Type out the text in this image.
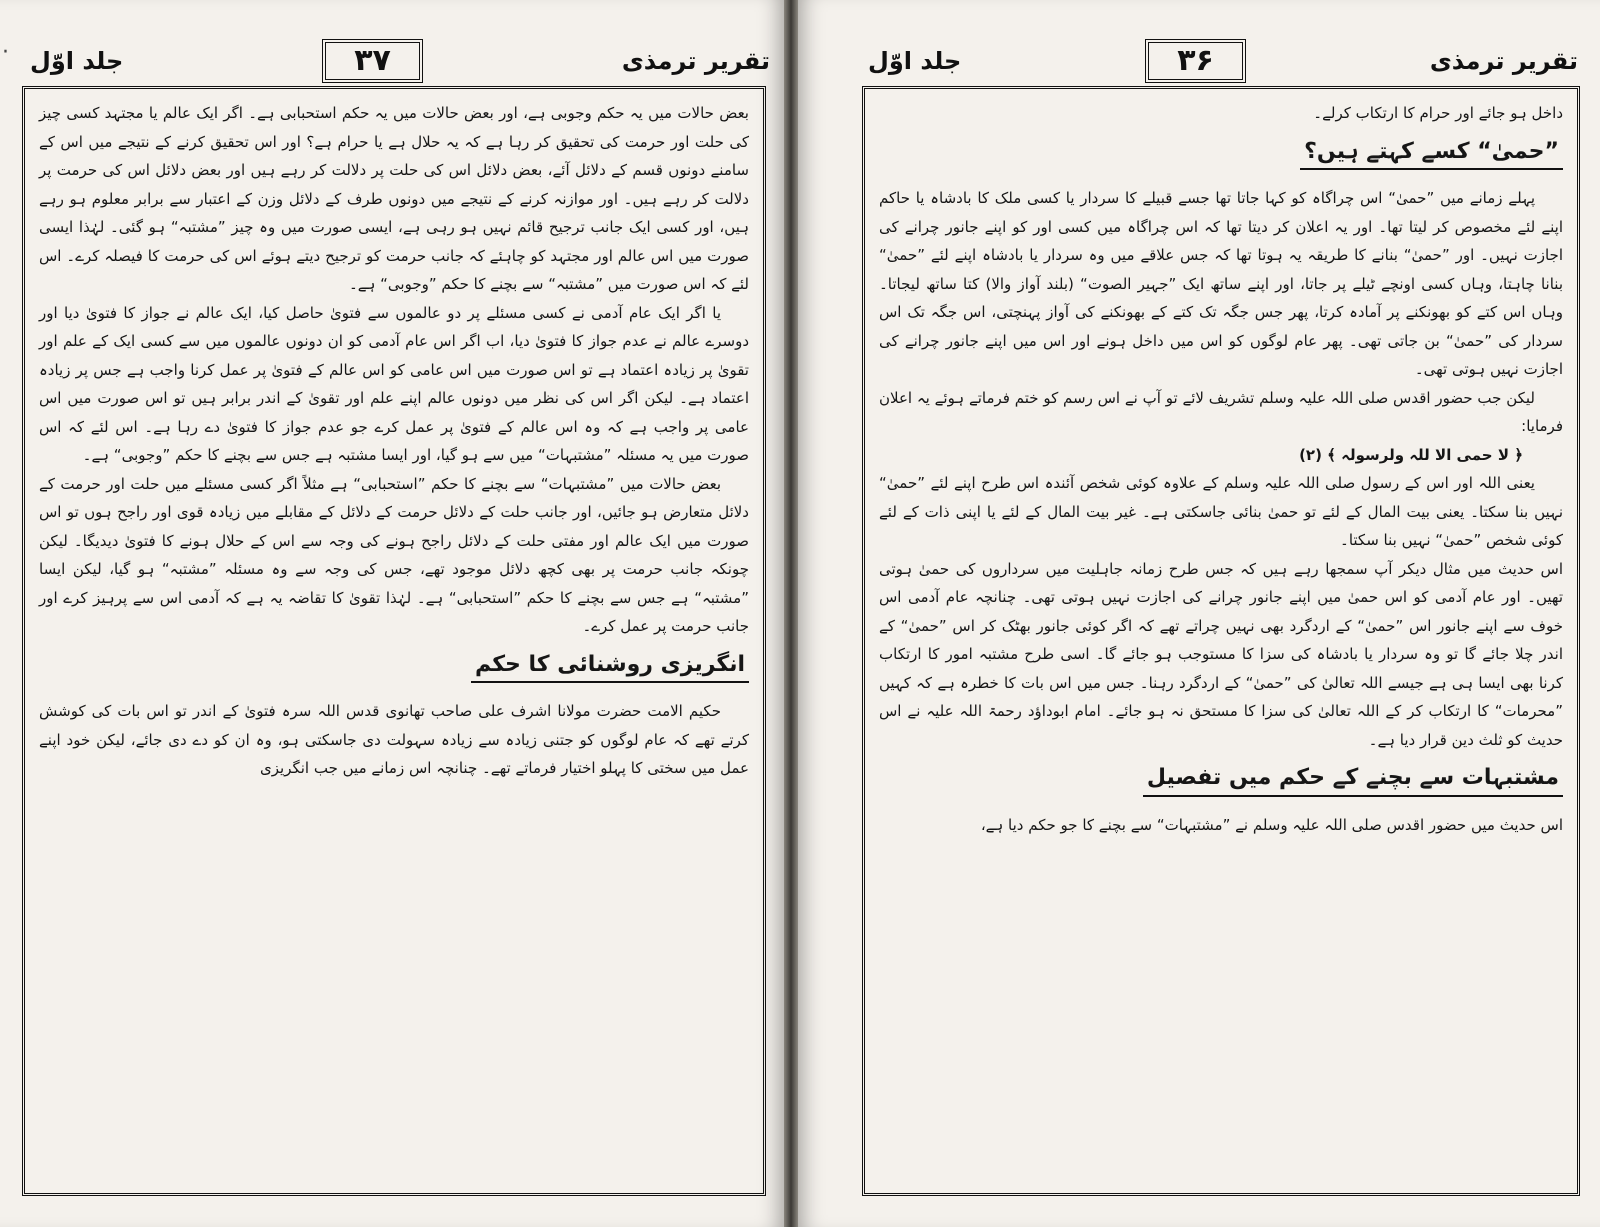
· جلد اوّل	۳۷	تقریر ترمذی

بعض حالات میں یہ حکم وجوبی ہے، اور بعض حالات میں یہ حکم استحبابی ہے۔ اگر ایک عالم یا مجتہد کسی چیز کی حلت اور حرمت کی تحقیق کر رہا ہے کہ یہ حلال ہے یا حرام ہے؟ اور اس تحقیق کرنے کے نتیجے میں اس کے سامنے دونوں قسم کے دلائل آئے، بعض دلائل اس کی حلت پر دلالت کر رہے ہیں اور بعض دلائل اس کی حرمت پر دلالت کر رہے ہیں۔ اور موازنہ کرنے کے نتیجے میں دونوں طرف کے دلائل وزن کے اعتبار سے برابر معلوم ہو رہے ہیں، اور کسی ایک جانب ترجیح قائم نہیں ہو رہی ہے، ایسی صورت میں وہ چیز ”مشتبہ“ ہو گئی۔ لہٰذا ایسی صورت میں اس عالم اور مجتہد کو چاہئے کہ جانب حرمت کو ترجیح دیتے ہوئے اس کی حرمت کا فیصلہ کرے۔ اس لئے کہ اس صورت میں ”مشتبہ“ سے بچنے کا حکم ”وجوبی“ ہے۔

یا اگر ایک عام آدمی نے کسی مسئلے پر دو عالموں سے فتویٰ حاصل کیا، ایک عالم نے جواز کا فتویٰ دیا اور دوسرے عالم نے عدم جواز کا فتویٰ دیا، اب اگر اس عام آدمی کو ان دونوں عالموں میں سے کسی ایک کے علم اور تقویٰ پر زیادہ اعتماد ہے تو اس صورت میں اس عامی کو اس عالم کے فتویٰ پر عمل کرنا واجب ہے جس پر زیادہ اعتماد ہے۔ لیکن اگر اس کی نظر میں دونوں عالم اپنے علم اور تقویٰ کے اندر برابر ہیں تو اس صورت میں اس عامی پر واجب ہے کہ وہ اس عالم کے فتویٰ پر عمل کرے جو عدم جواز کا فتویٰ دے رہا ہے۔ اس لئے کہ اس صورت میں یہ مسئلہ ”مشتبہات“ میں سے ہو گیا، اور ایسا مشتبہ ہے جس سے بچنے کا حکم ”وجوبی“ ہے۔

بعض حالات میں ”مشتبہات“ سے بچنے کا حکم ”استحبابی“ ہے مثلاً اگر کسی مسئلے میں حلت اور حرمت کے دلائل متعارض ہو جائیں، اور جانب حلت کے دلائل حرمت کے دلائل کے مقابلے میں زیادہ قوی اور راجح ہوں تو اس صورت میں ایک عالم اور مفتی حلت کے دلائل راجح ہونے کی وجہ سے اس کے حلال ہونے کا فتویٰ دیدیگا۔ لیکن چونکہ جانب حرمت پر بھی کچھ دلائل موجود تھے، جس کی وجہ سے وہ مسئلہ ”مشتبہ“ ہو گیا، لیکن ایسا ”مشتبہ“ ہے جس سے بچنے کا حکم ”استحبابی“ ہے۔ لہٰذا تقویٰ کا تقاضہ یہ ہے کہ آدمی اس سے پرہیز کرے اور جانب حرمت پر عمل کرے۔

انگریزی روشنائی کا حکم

حکیم الامت حضرت مولانا اشرف علی صاحب تھانوی قدس اللہ سرہ فتویٰ کے اندر تو اس بات کی کوشش کرتے تھے کہ عام لوگوں کو جتنی زیادہ سے زیادہ سہولت دی جاسکتی ہو، وہ ان کو دے دی جائے، لیکن خود اپنے عمل میں سختی کا پہلو اختیار فرماتے تھے۔ چنانچہ اس زمانے میں جب انگریزی

جلد اوّل	۳۶	تقریر ترمذی

داخل ہو جائے اور حرام کا ارتکاب کرلے۔

”حمیٰ“ کسے کہتے ہیں؟

پہلے زمانے میں ”حمیٰ“ اس چراگاہ کو کہا جاتا تھا جسے قبیلے کا سردار یا کسی ملک کا بادشاہ یا حاکم اپنے لئے مخصوص کر لیتا تھا۔ اور یہ اعلان کر دیتا تھا کہ اس چراگاہ میں کسی اور کو اپنے جانور چرانے کی اجازت نہیں۔ اور ”حمیٰ“ بنانے کا طریقہ یہ ہوتا تھا کہ جس علاقے میں وہ سردار یا بادشاہ اپنے لئے ”حمیٰ“ بنانا چاہتا، وہاں کسی اونچے ٹیلے پر جاتا، اور اپنے ساتھ ایک ”جہیر الصوت“ (بلند آواز والا) کتا ساتھ لیجاتا۔ وہاں اس کتے کو بھونکنے پر آمادہ کرتا، پھر جس جگہ تک کتے کے بھونکنے کی آواز پہنچتی، اس جگہ تک اس سردار کی ”حمیٰ“ بن جاتی تھی۔ پھر عام لوگوں کو اس میں داخل ہونے اور اس میں اپنے جانور چرانے کی اجازت نہیں ہوتی تھی۔

لیکن جب حضور اقدس صلی اللہ علیہ وسلم تشریف لائے تو آپ نے اس رسم کو ختم فرماتے ہوئے یہ اعلان فرمایا:

﴿ لا حمی الا للہ ولرسولہ ﴾ (۲)

یعنی اللہ اور اس کے رسول صلی اللہ علیہ وسلم کے علاوہ کوئی شخص آئندہ اس طرح اپنے لئے ”حمیٰ“ نہیں بنا سکتا۔ یعنی بیت المال کے لئے تو حمیٰ بنائی جاسکتی ہے۔ غیر بیت المال کے لئے یا اپنی ذات کے لئے کوئی شخص ”حمیٰ“ نہیں بنا سکتا۔

اس حدیث میں مثال دیکر آپ سمجھا رہے ہیں کہ جس طرح زمانہ جاہلیت میں سرداروں کی حمیٰ ہوتی تھیں۔ اور عام آدمی کو اس حمیٰ میں اپنے جانور چرانے کی اجازت نہیں ہوتی تھی۔ چنانچہ عام آدمی اس خوف سے اپنے جانور اس ”حمیٰ“ کے اردگرد بھی نہیں چراتے تھے کہ اگر کوئی جانور بھٹک کر اس ”حمیٰ“ کے اندر چلا جائے گا تو وہ سردار یا بادشاہ کی سزا کا مستوجب ہو جائے گا۔ اسی طرح مشتبہ امور کا ارتکاب کرنا بھی ایسا ہی ہے جیسے اللہ تعالیٰ کی ”حمیٰ“ کے اردگرد رہنا۔ جس میں اس بات کا خطرہ ہے کہ کہیں ”محرمات“ کا ارتکاب کر کے اللہ تعالیٰ کی سزا کا مستحق نہ ہو جائے۔ امام ابوداؤد رحمۃ اللہ علیہ نے اس حدیث کو ثلث دین قرار دیا ہے۔

مشتبہات سے بچنے کے حکم میں تفصیل

اس حدیث میں حضور اقدس صلی اللہ علیہ وسلم نے ”مشتبہات“ سے بچنے کا جو حکم دیا ہے،
